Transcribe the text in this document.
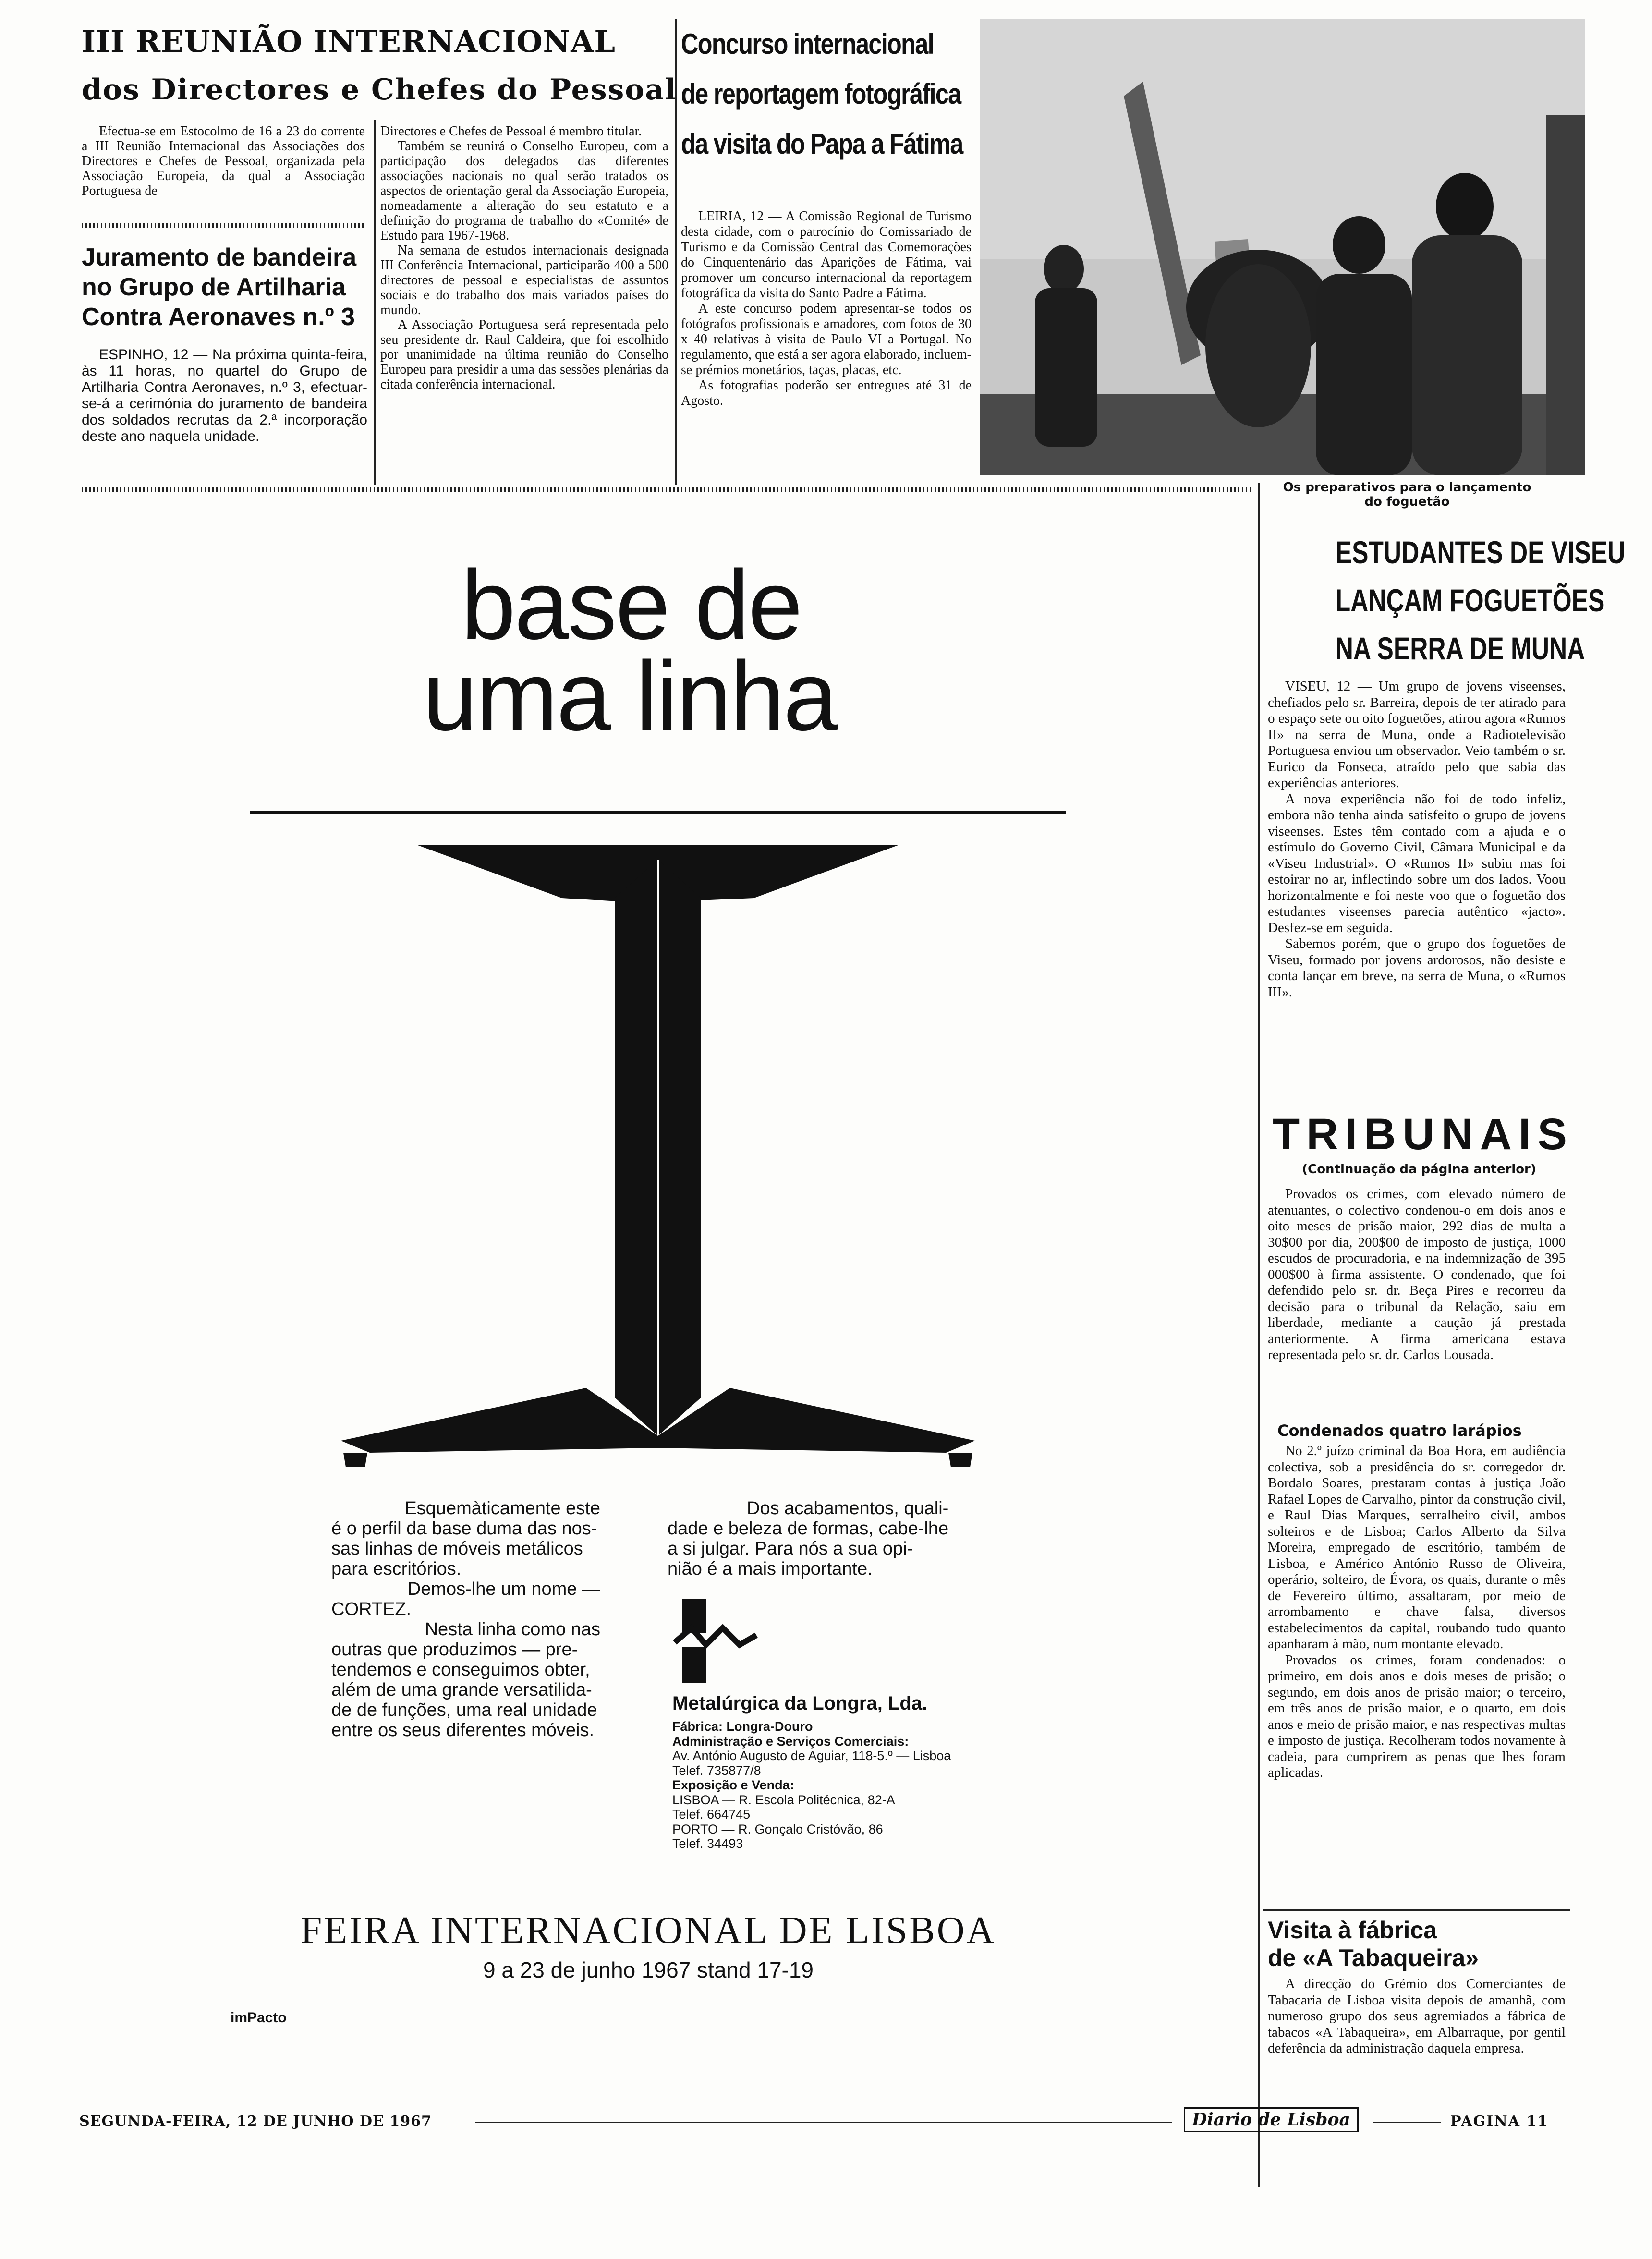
III REUNIÃO INTERNACIONAL
dos Directores e Chefes do Pessoal

Efectua-se em Estocolmo de 16 a 23 do corrente a III Reunião Internacional das Associações dos Directores e Chefes de Pessoal, organizada pela Associação Europeia, da qual a Associação Portuguesa de

Directores e Chefes de Pessoal é membro titular.

Também se reunirá o Conselho Europeu, com a participação dos delegados das diferentes associações nacionais no qual serão tratados os aspectos de orientação geral da Associação Europeia, nomeadamente a alteração do seu estatuto e a definição do programa de trabalho do «Comité» de Estudo para 1967-1968.

Na semana de estudos internacionais designada III Conferência Internacional, participarão 400 a 500 directores de pessoal e especialistas de assuntos sociais e do trabalho dos mais variados países do mundo.

A Associação Portuguesa será representada pelo seu presidente dr. Raul Caldeira, que foi escolhido por unanimidade na última reunião do Conselho Europeu para presidir a uma das sessões plenárias da citada conferência internacional.

Juramento de bandeira
no Grupo de Artilharia
Contra Aeronaves n.º 3

ESPINHO, 12 — Na próxima quinta-feira, às 11 horas, no quartel do Grupo de Artilharia Contra Aeronaves, n.º 3, efectuar-se-á a cerimónia do juramento de bandeira dos soldados recrutas da 2.ª incorporação deste ano naquela unidade.

Concurso internacional
de reportagem fotográfica
da visita do Papa a Fátima

LEIRIA, 12 — A Comissão Regional de Turismo desta cidade, com o patrocínio do Comissariado de Turismo e da Comissão Central das Comemorações do Cinquentenário das Aparições de Fátima, vai promover um concurso internacional da reportagem fotográfica da visita do Santo Padre a Fátima.

A este concurso podem apresentar-se todos os fotógrafos profissionais e amadores, com fotos de 30 x 40 relativas à visita de Paulo VI a Portugal. No regulamento, que está a ser agora elaborado, incluem-se prémios monetários, taças, placas, etc.

As fotografias poderão ser entregues até 31 de Agosto.

Os preparativos para o lançamento do foguetão
ESTUDANTES DE VISEU
LANÇAM FOGUETÕES
NA SERRA DE MUNA

VISEU, 12 — Um grupo de jovens viseenses, chefiados pelo sr. Barreira, depois de ter atirado para o espaço sete ou oito foguetões, atirou agora «Rumos II» na serra de Muna, onde a Radiotelevisão Portuguesa enviou um observador. Veio também o sr. Eurico da Fonseca, atraído pelo que sabia das experiências anteriores.

A nova experiência não foi de todo infeliz, embora não tenha ainda satisfeito o grupo de jovens viseenses. Estes têm contado com a ajuda e o estímulo do Governo Civil, Câmara Municipal e da «Viseu Industrial». O «Rumos II» subiu mas foi estoirar no ar, inflectindo sobre um dos lados. Voou horizontalmente e foi neste voo que o foguetão dos estudantes viseenses parecia autêntico «jacto». Desfez-se em seguida.

Sabemos porém, que o grupo dos foguetões de Viseu, formado por jovens ardorosos, não desiste e conta lançar em breve, na serra de Muna, o «Rumos III».

TRIBUNAIS
(Continuação da página anterior)

Provados os crimes, com elevado número de atenuantes, o colectivo condenou-o em dois anos e oito meses de prisão maior, 292 dias de multa a 30$00 por dia, 200$00 de imposto de justiça, 1000 escudos de procuradoria, e na indemnização de 395 000$00 à firma assistente. O condenado, que foi defendido pelo sr. dr. Beça Pires e recorreu da decisão para o tribunal da Relação, saiu em liberdade, mediante a caução já prestada anteriormente. A firma americana estava representada pelo sr. dr. Carlos Lousada.

Condenados quatro larápios

No 2.º juízo criminal da Boa Hora, em audiência colectiva, sob a presidência do sr. corregedor dr. Bordalo Soares, prestaram contas à justiça João Rafael Lopes de Carvalho, pintor da construção civil, e Raul Dias Marques, serralheiro civil, ambos solteiros e de Lisboa; Carlos Alberto da Silva Moreira, empregado de escritório, também de Lisboa, e Américo António Russo de Oliveira, operário, solteiro, de Évora, os quais, durante o mês de Fevereiro último, assaltaram, por meio de arrombamento e chave falsa, diversos estabelecimentos da capital, roubando tudo quanto apanharam à mão, num montante elevado.

Provados os crimes, foram condenados: o primeiro, em dois anos e dois meses de prisão; o segundo, em dois anos de prisão maior; o terceiro, em três anos de prisão maior, e o quarto, em dois anos e meio de prisão maior, e nas respectivas multas e imposto de justiça. Recolheram todos novamente à cadeia, para cumprirem as penas que lhes foram aplicadas.

Visita à fábrica
de «A Tabaqueira»

A direcção do Grémio dos Comerciantes de Tabacaria de Lisboa visita depois de amanhã, com numeroso grupo dos seus agremiados a fábrica de tabacos «A Tabaqueira», em Albarraque, por gentil deferência da administração daquela empresa.

base de
uma linha
Esquemàticamente este
é o perfil da base duma das nos-
sas linhas de móveis metálicos
para escritórios.
Demos-lhe um nome —
CORTEZ.
Nesta linha como nas
outras que produzimos — pre-
tendemos e conseguimos obter,
além de uma grande versatilida-
de de funções, uma real unidade
entre os seus diferentes móveis.
Dos acabamentos, quali-
dade e beleza de formas, cabe-lhe
a si julgar. Para nós a sua opi-
nião é a mais importante.
Metalúrgica da Longra, Lda.
Fábrica: Longra-Douro
Administração e Serviços Comerciais:
Av. António Augusto de Aguiar, 118-5.º — Lisboa
Telef. 735877/8
Exposição e Venda:
LISBOA — R. Escola Politécnica, 82-A
Telef. 664745
PORTO — R. Gonçalo Cristóvão, 86
Telef. 34493
FEIRA INTERNACIONAL DE LISBOA
9 a 23 de junho 1967 stand 17-19
imPacto
SEGUNDA-FEIRA, 12 DE JUNHO DE 1967	Diario de Lisboa	PAGINA 11
